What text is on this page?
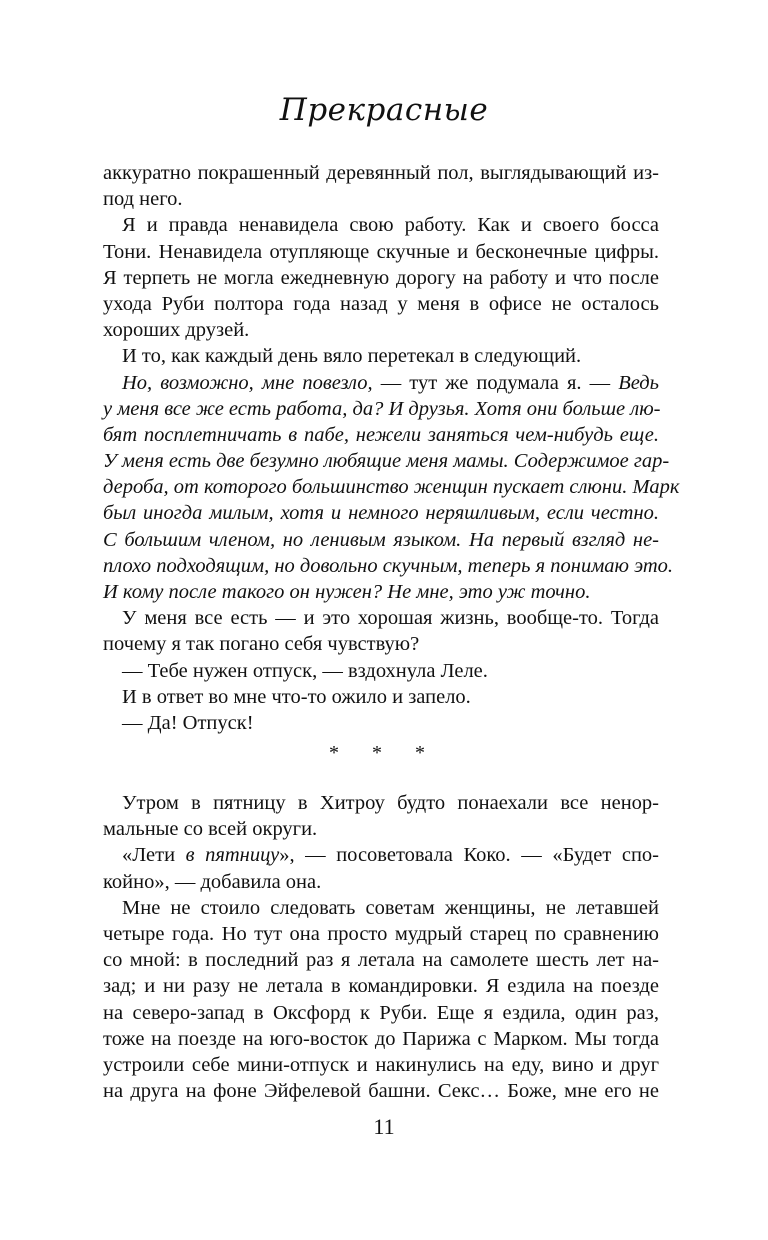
Прекрасные
аккуратно покрашенный деревянный пол, выглядывающий из-
под него.
Я и правда ненавидела свою работу. Как и своего босса
Тони. Ненавидела отупляюще скучные и бесконечные цифры.
Я терпеть не могла ежедневную дорогу на работу и что после
ухода Руби полтора года назад у меня в офисе не осталось
хороших друзей.
И то, как каждый день вяло перетекал в следующий.
Но, возможно, мне повезло, — тут же подумала я. — Ведь
у меня все же есть работа, да? И друзья. Хотя они больше лю-
бят посплетничать в пабе, нежели заняться чем-нибудь еще.
У меня есть две безумно любящие меня мамы. Содержимое гар-
дероба, от которого большинство женщин пускает слюни. Марк
был иногда милым, хотя и немного неряшливым, если честно.
С большим членом, но ленивым языком. На первый взгляд не-
плохо подходящим, но довольно скучным, теперь я понимаю это.
И кому после такого он нужен? Не мне, это уж точно.
У меня все есть — и это хорошая жизнь, вообще-то. Тогда
почему я так погано себя чувствую?
— Тебе нужен отпуск, — вздохнула Леле.
И в ответ во мне что-то ожило и запело.
— Да! Отпуск!
* * *
Утром в пятницу в Хитроу будто понаехали все ненор-
мальные со всей округи.
«Лети в пятницу», — посоветовала Коко. — «Будет спо-
койно», — добавила она.
Мне не стоило следовать советам женщины, не летавшей
четыре года. Но тут она просто мудрый старец по сравнению
со мной: в последний раз я летала на самолете шесть лет на-
зад; и ни разу не летала в командировки. Я ездила на поезде
на северо-запад в Оксфорд к Руби. Еще я ездила, один раз,
тоже на поезде на юго-восток до Парижа с Марком. Мы тогда
устроили себе мини-отпуск и накинулись на еду, вино и друг
на друга на фоне Эйфелевой башни. Секс… Боже, мне его не
11
